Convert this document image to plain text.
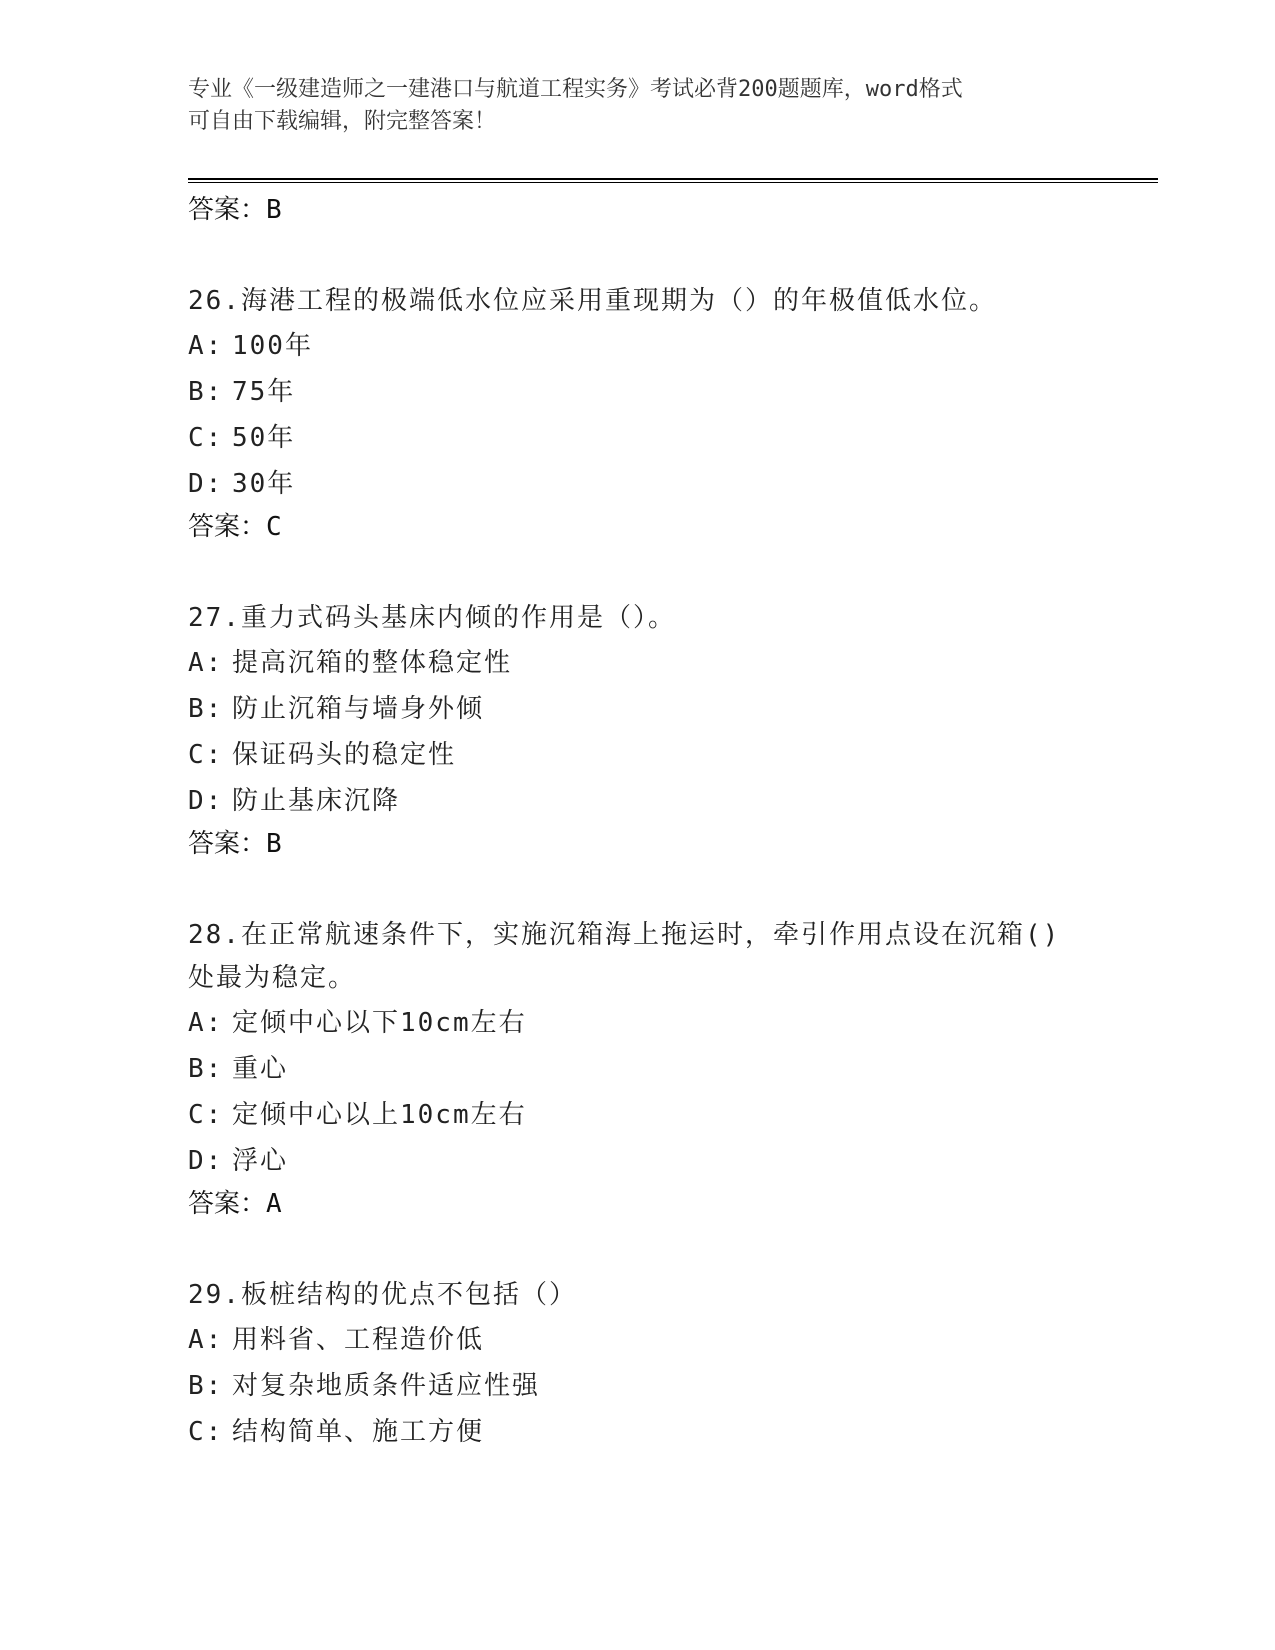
专业《一级建造师之一建港口与航道工程实务》考试必背200题题库，word格式
可自由下载编辑，附完整答案！
答案：B
26.海港工程的极端低水位应采用重现期为（）的年极值低水位。
A: 100年
B: 75年
C: 50年
D: 30年
答案：C
27.重力式码头基床内倾的作用是（）。
A: 提高沉箱的整体稳定性
B: 防止沉箱与墙身外倾
C: 保证码头的稳定性
D: 防止基床沉降
答案：B
28.在正常航速条件下，实施沉箱海上拖运时，牵引作用点设在沉箱()
处最为稳定。
A: 定倾中心以下10cm左右
B: 重心
C: 定倾中心以上10cm左右
D: 浮心
答案：A
29.板桩结构的优点不包括（）
A: 用料省、工程造价低
B: 对复杂地质条件适应性强
C: 结构简单、施工方便
